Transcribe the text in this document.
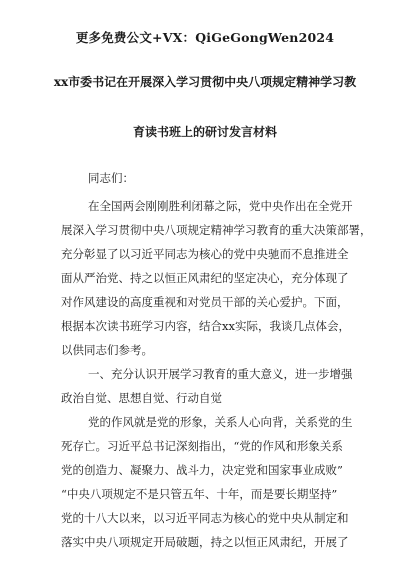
更多免费公文+VX：QiGeGongWen2024
xx市委书记在开展深入学习贯彻中央八项规定精神学习教
育读书班上的研讨发言材料
同志们：
在全国两会刚刚胜利闭幕之际，党中央作出在全党开
展深入学习贯彻中央八项规定精神学习教育的重大决策部署，
充分彰显了以习近平同志为核心的党中央驰而不息推进全
面从严治党、持之以恒正风肃纪的坚定决心，充分体现了
对作风建设的高度重视和对党员干部的关心爱护。下面，
根据本次读书班学习内容，结合xx实际，我谈几点体会，
以供同志们参考。
一、充分认识开展学习教育的重大意义，进一步增强
政治自觉、思想自觉、行动自觉
党的作风就是党的形象，关系人心向背，关系党的生
死存亡。习近平总书记深刻指出，“党的作风和形象关系
党的创造力、凝聚力、战斗力，决定党和国家事业成败”
“中央八项规定不是只管五年、十年，而是要长期坚持”
党的十八大以来，以习近平同志为核心的党中央从制定和
落实中央八项规定开局破题，持之以恒正风肃纪，开展了
